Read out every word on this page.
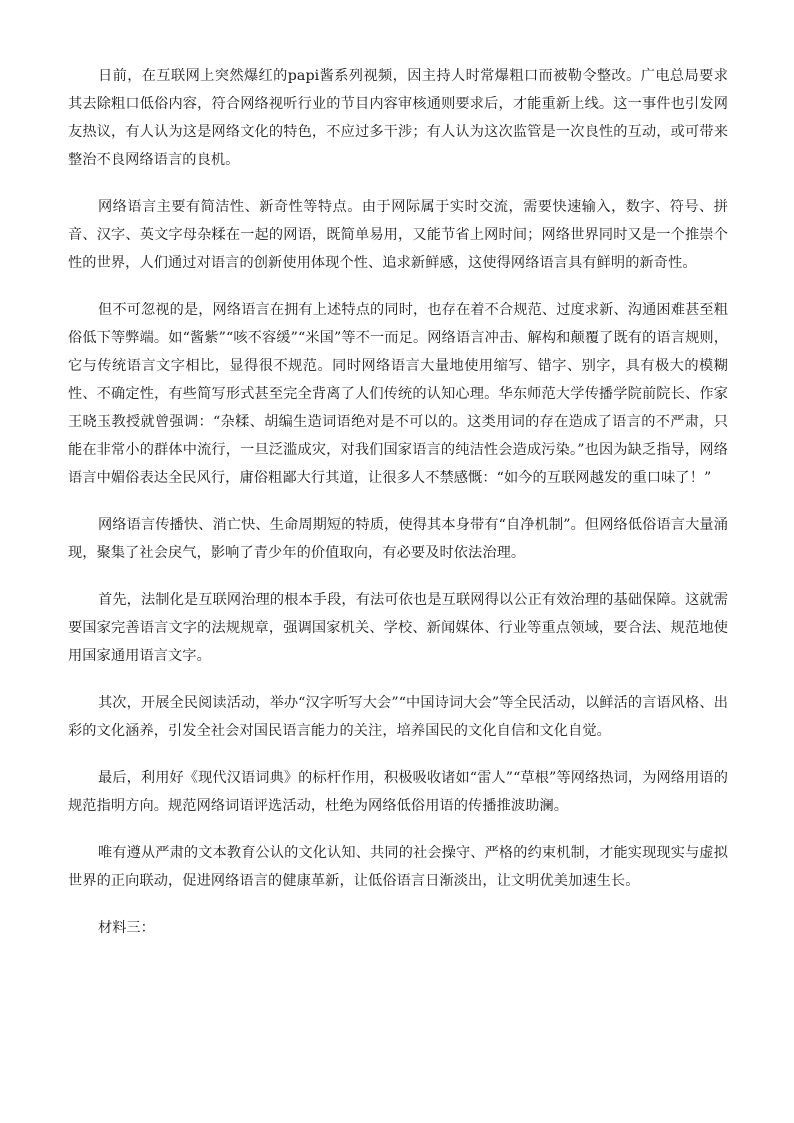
日前，在互联网上突然爆红的papi酱系列视频，因主持人时常爆粗口而被勒令整改。广电总局要求其去除粗口低俗内容，符合网络视听行业的节目内容审核通则要求后，才能重新上线。这一事件也引发网友热议，有人认为这是网络文化的特色，不应过多干涉；有人认为这次监管是一次良性的互动，或可带来整治不良网络语言的良机。

网络语言主要有简洁性、新奇性等特点。由于网际属于实时交流，需要快速输入，数字、符号、拼音、汉字、英文字母杂糅在一起的网语，既简单易用，又能节省上网时间；网络世界同时又是一个推崇个性的世界，人们通过对语言的创新使用体现个性、追求新鲜感，这使得网络语言具有鲜明的新奇性。

但不可忽视的是，网络语言在拥有上述特点的同时，也存在着不合规范、过度求新、沟通困难甚至粗俗低下等弊端。如“酱紫”“咳不容缓”“米国”等不一而足。网络语言冲击、解构和颠覆了既有的语言规则，它与传统语言文字相比，显得很不规范。同时网络语言大量地使用缩写、错字、别字，具有极大的模糊性、不确定性，有些简写形式甚至完全背离了人们传统的认知心理。华东师范大学传播学院前院长、作家王晓玉教授就曾强调：“杂糅、胡编生造词语绝对是不可以的。这类用词的存在造成了语言的不严肃，只能在非常小的群体中流行，一旦泛滥成灾，对我们国家语言的纯洁性会造成污染。”也因为缺乏指导，网络语言中媚俗表达全民风行，庸俗粗鄙大行其道，让很多人不禁感慨：“如今的互联网越发的重口味了！”

网络语言传播快、消亡快、生命周期短的特质，使得其本身带有“自净机制”。但网络低俗语言大量涌现，聚集了社会戾气，影响了青少年的价值取向，有必要及时依法治理。

首先，法制化是互联网治理的根本手段，有法可依也是互联网得以公正有效治理的基础保障。这就需要国家完善语言文字的法规规章，强调国家机关、学校、新闻媒体、行业等重点领域，要合法、规范地使用国家通用语言文字。

其次，开展全民阅读活动，举办“汉字听写大会”“中国诗词大会”等全民活动，以鲜活的言语风格、出彩的文化涵养，引发全社会对国民语言能力的关注，培养国民的文化自信和文化自觉。

最后，利用好《现代汉语词典》的标杆作用，积极吸收诸如“雷人”“草根”等网络热词，为网络用语的规范指明方向。规范网络词语评选活动，杜绝为网络低俗用语的传播推波助澜。

唯有遵从严肃的文本教育公认的文化认知、共同的社会操守、严格的约束机制，才能实现现实与虚拟世界的正向联动，促进网络语言的健康革新，让低俗语言日渐淡出，让文明优美加速生长。

材料三：
